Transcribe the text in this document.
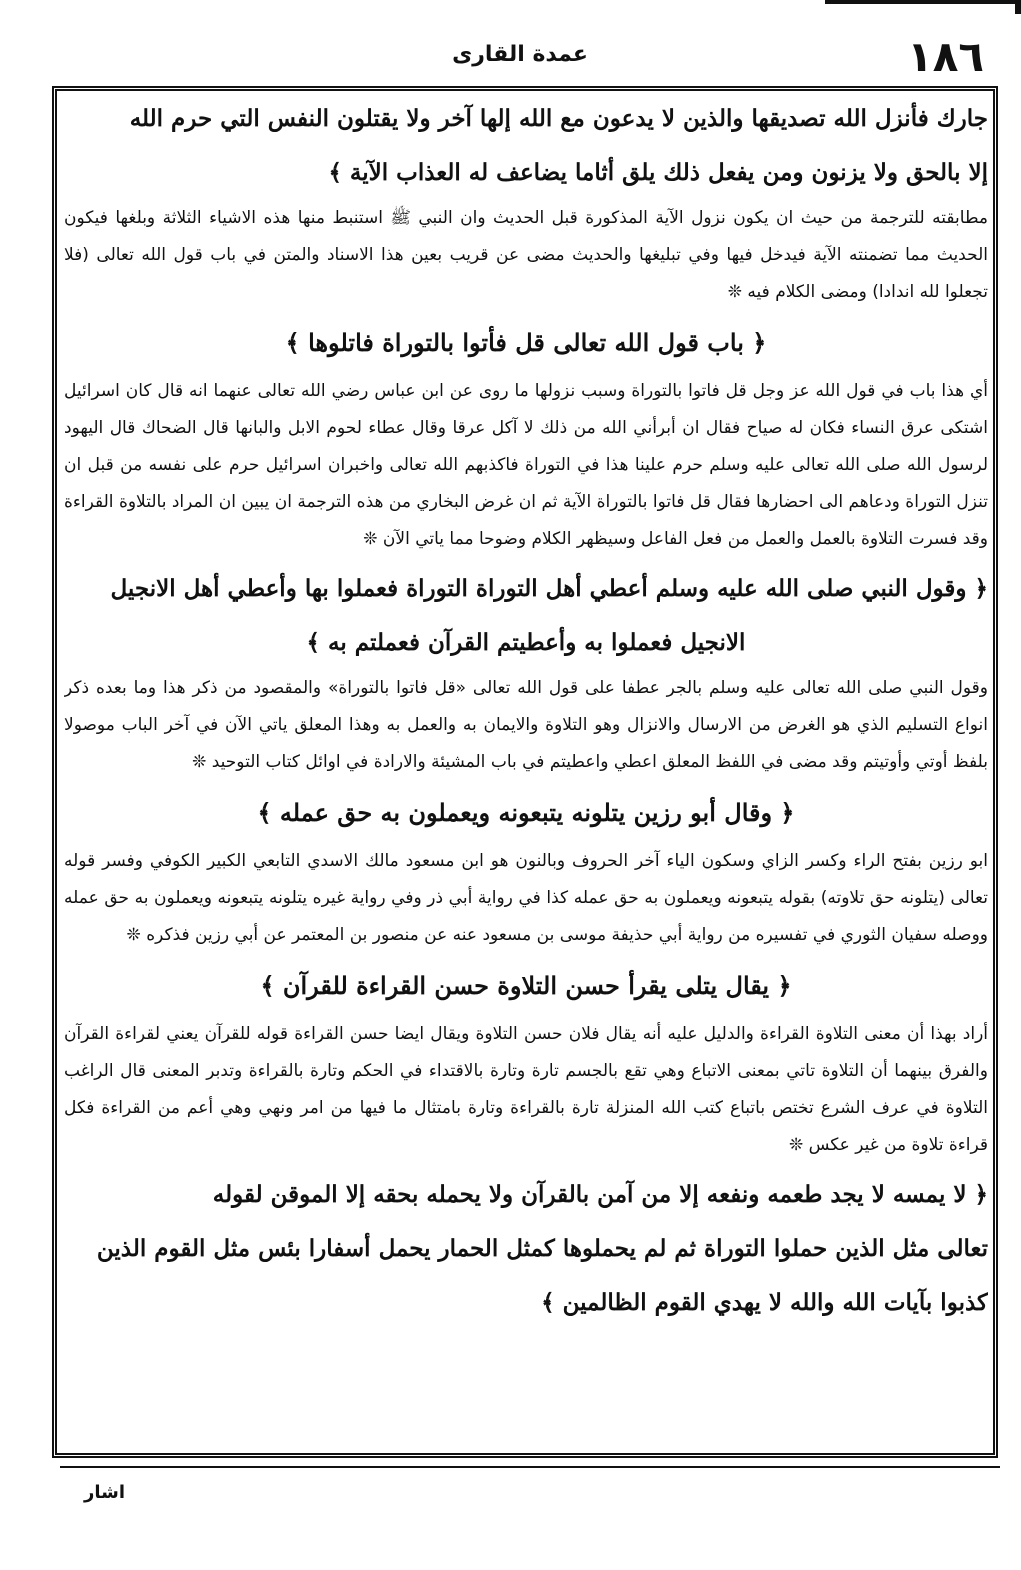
عمدة القاری	١٨٦

جارك فأنزل الله تصديقها والذين لا يدعون مع الله إلها آخر ولا يقتلون النفس التي حرم الله

إلا بالحق ولا يزنون ومن يفعل ذلك يلق أثاما يضاعف له العذاب الآية ﴾

مطابقته للترجمة من حيث ان يكون نزول الآية المذكورة قبل الحديث وان النبي ﷺ استنبط منها هذه الاشياء الثلاثة وبلغها فيكون الحديث مما تضمنته الآية فيدخل فيها وفي تبليغها والحديث مضى عن قريب بعين هذا الاسناد والمتن في باب قول الله تعالى (فلا تجعلوا لله اندادا) ومضى الكلام فيه ❊

﴿ باب قول الله تعالى قل فأتوا بالتوراة فاتلوها ﴾

أي هذا باب في قول الله عز وجل قل فاتوا بالتوراة وسبب نزولها ما روى عن ابن عباس رضي الله تعالى عنهما انه قال كان اسرائيل اشتكى عرق النساء فكان له صياح فقال ان أبرأني الله من ذلك لا آكل عرقا وقال عطاء لحوم الابل والبانها قال الضحاك قال اليهود لرسول الله صلى الله تعالى عليه وسلم حرم علينا هذا في التوراة فاكذبهم الله تعالى واخبران اسرائيل حرم على نفسه من قبل ان تنزل التوراة ودعاهم الى احضارها فقال قل فاتوا بالتوراة الآية ثم ان غرض البخاري من هذه الترجمة ان يبين ان المراد بالتلاوة القراءة وقد فسرت التلاوة بالعمل والعمل من فعل الفاعل وسيظهر الكلام وضوحا مما ياتي الآن ❊

﴿ وقول النبي صلى الله عليه وسلم أعطي أهل التوراة التوراة فعملوا بها وأعطي أهل الانجيل

الانجيل فعملوا به وأعطيتم القرآن فعملتم به ﴾

وقول النبي صلى الله تعالى عليه وسلم بالجر عطفا على قول الله تعالى «قل فاتوا بالتوراة» والمقصود من ذكر هذا وما بعده ذكر انواع التسليم الذي هو الغرض من الارسال والانزال وهو التلاوة والايمان به والعمل به وهذا المعلق ياتي الآن في آخر الباب موصولا بلفظ أوتي وأوتيتم وقد مضى في اللفظ المعلق اعطي واعطيتم في باب المشيئة والارادة في اوائل كتاب التوحيد ❊

﴿ وقال أبو رزين يتلونه يتبعونه ويعملون به حق عمله ﴾

ابو رزين بفتح الراء وكسر الزاي وسكون الياء آخر الحروف وبالنون هو ابن مسعود مالك الاسدي التابعي الكبير الكوفي وفسر قوله تعالى (يتلونه حق تلاوته) بقوله يتبعونه ويعملون به حق عمله كذا في رواية أبي ذر وفي رواية غيره يتلونه يتبعونه ويعملون به حق عمله ووصله سفيان الثوري في تفسيره من رواية أبي حذيفة موسى بن مسعود عنه عن منصور بن المعتمر عن أبي رزين فذكره ❊

﴿ يقال يتلى يقرأ حسن التلاوة حسن القراءة للقرآن ﴾

أراد بهذا أن معنى التلاوة القراءة والدليل عليه أنه يقال فلان حسن التلاوة ويقال ايضا حسن القراءة قوله للقرآن يعني لقراءة القرآن والفرق بينهما أن التلاوة تاتي بمعنى الاتباع وهي تقع بالجسم تارة وتارة بالاقتداء في الحكم وتارة بالقراءة وتدبر المعنى قال الراغب التلاوة في عرف الشرع تختص باتباع كتب الله المنزلة تارة بالقراءة وتارة بامتثال ما فيها من امر ونهي وهي أعم من القراءة فكل قراءة تلاوة من غير عكس ❊

﴿ لا يمسه لا يجد طعمه ونفعه إلا من آمن بالقرآن ولا يحمله بحقه إلا الموقن لقوله

تعالى مثل الذين حملوا التوراة ثم لم يحملوها كمثل الحمار يحمل أسفارا بئس مثل القوم الذين

كذبوا بآيات الله والله لا يهدي القوم الظالمين ﴾

اشار
